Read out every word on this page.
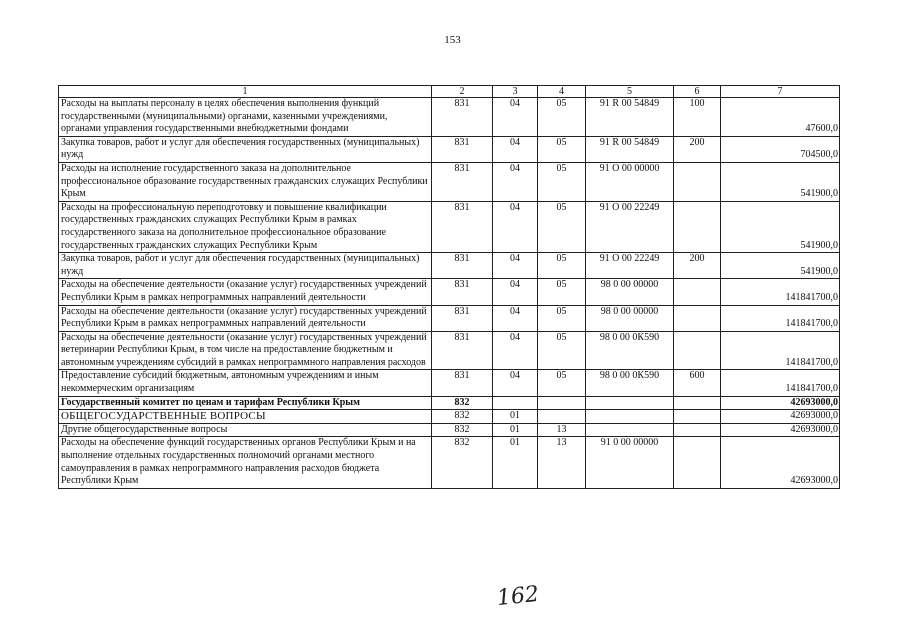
153
1	2	3	4	5	6	7
Расходы на выплаты персоналу в целях обеспечения выполнения функций государственными (муниципальными) органами, казенными учреждениями, органами управления государственными внебюджетными фондами	831	04	05	91 R 00 54849	100	47600,0
Закупка товаров, работ и услуг для обеспечения государственных (муниципальных) нужд	831	04	05	91 R 00 54849	200	704500,0
Расходы на исполнение государственного заказа на дополнительное профессиональное образование государственных гражданских служащих Республики Крым	831	04	05	91 О 00 00000		541900,0
Расходы на профессиональную переподготовку и повышение квалификации государственных гражданских служащих Республики Крым в рамках государственного заказа на дополнительное профессиональное образование государственных гражданских служащих Республики Крым	831	04	05	91 О 00 22249		541900,0
Закупка товаров, работ и услуг для обеспечения государственных (муниципальных) нужд	831	04	05	91 О 00 22249	200	541900,0
Расходы на обеспечение деятельности (оказание услуг) государственных учреждений Республики Крым в рамках непрограммных направлений деятельности	831	04	05	98 0 00 00000		141841700,0
Расходы на обеспечение деятельности (оказание услуг) государственных учреждений Республики Крым в рамках непрограммных направлений деятельности	831	04	05	98 0 00 00000		141841700,0
Расходы на обеспечение деятельности (оказание услуг) государственных учреждений ветеринарии Республики Крым, в том числе на предоставление бюджетным и автономным учреждениям субсидий в рамках непрограммного направления расходов	831	04	05	98 0 00 0К590		141841700,0
Предоставление субсидий бюджетным, автономным учреждениям и иным некоммерческим организациям	831	04	05	98 0 00 0К590	600	141841700,0
Государственный комитет по ценам и тарифам Республики Крым	832					42693000,0
ОБЩЕГОСУДАРСТВЕННЫЕ ВОПРОСЫ	832	01				42693000,0
Другие общегосударственные вопросы	832	01	13			42693000,0
Расходы на обеспечение функций государственных органов Республики Крым и на выполнение отдельных государственных полномочий органами местного самоуправления в рамках непрограммного направления расходов бюджета Республики Крым	832	01	13	91 0 00 00000		42693000,0
162
